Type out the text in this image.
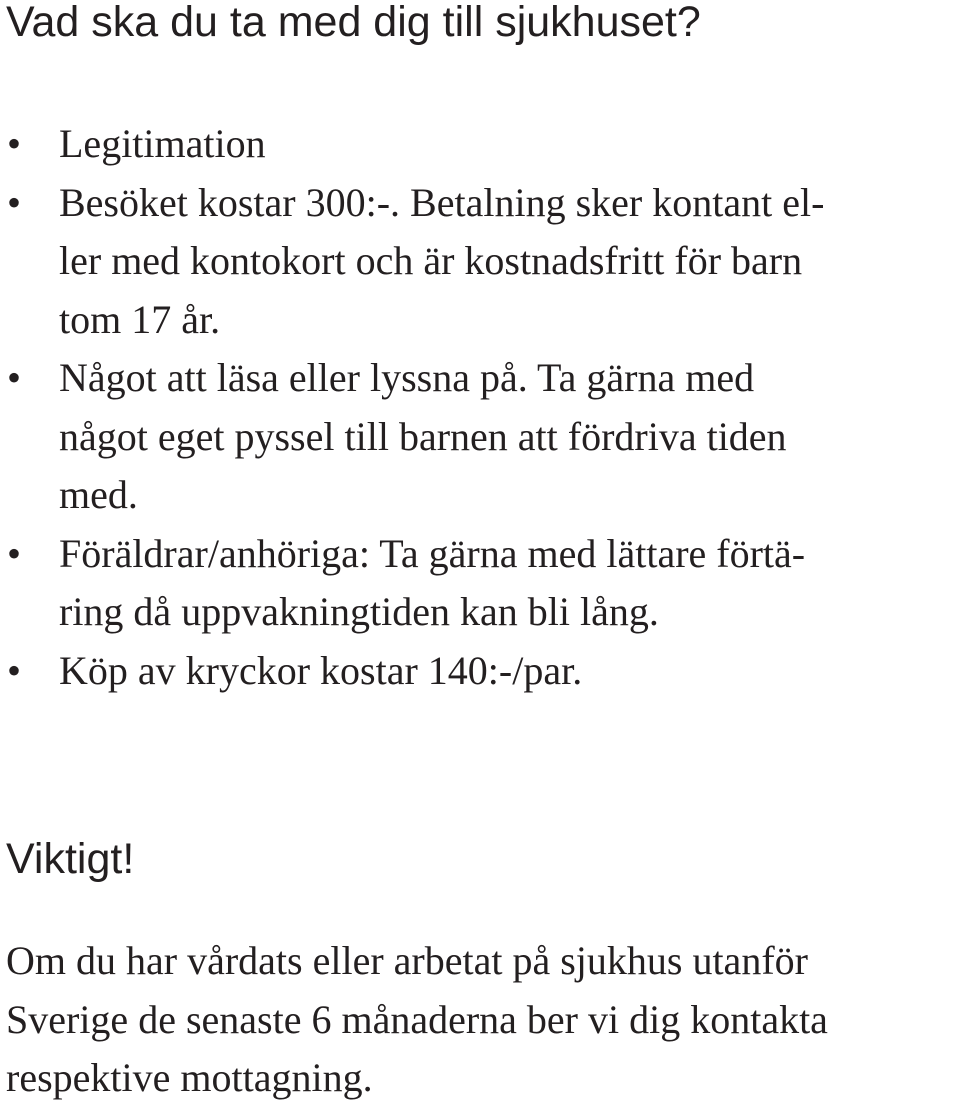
Vad ska du ta med dig till sjukhuset?
• Legitimation
• Besöket kostar 300:-. Betalning sker kontant el-
ler med kontokort och är kostnadsfritt för barn
tom 17 år.
• Något att läsa eller lyssna på. Ta gärna med
något eget pyssel till barnen att fördriva tiden
med.
• Föräldrar/anhöriga: Ta gärna med lättare förtä-
ring då uppvakningtiden kan bli lång.
• Köp av kryckor kostar 140:-/par.
Viktigt!

Om du har vårdats eller arbetat på sjukhus utanför
Sverige de senaste 6 månaderna ber vi dig kontakta
respektive mottagning.
